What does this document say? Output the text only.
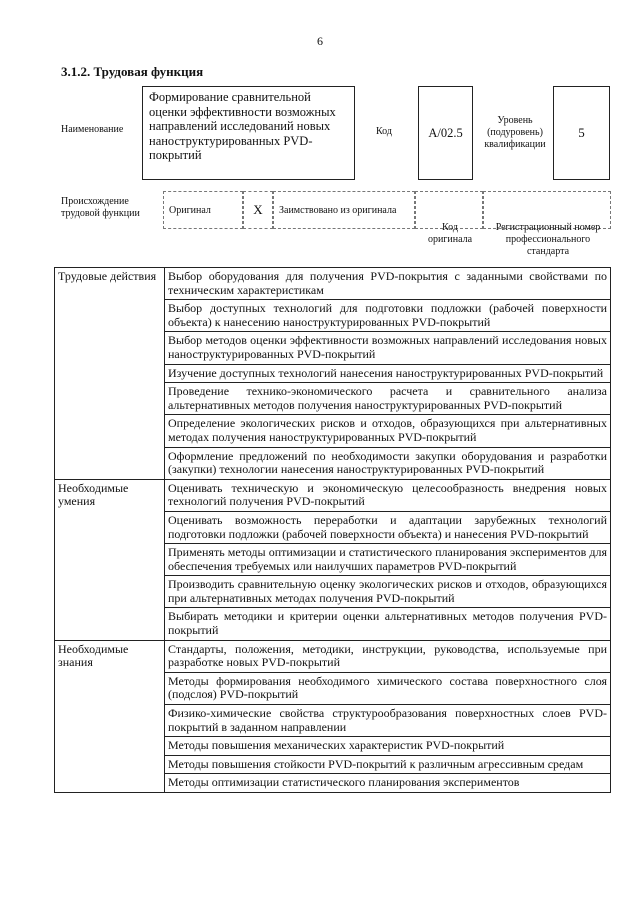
6
3.1.2. Трудовая функция
Наименование
Формирование сравнительной оценки эффективности возможных направлений исследований новых наноструктурированных PVD-покрытий
Код	А/02.5
Уровень (подуровень) квалификации
5
Происхождение трудовой функции	Оригинал	X Заимствовано из оригинала
Код оригинала
Регистрационный номер профессионального стандарта
Трудовые действия	Выбор оборудования для получения PVD-покрытия с заданными свойствами по техническим характеристикам
	Выбор доступных технологий для подготовки подложки (рабочей поверхности объекта) к нанесению наноструктурированных PVD-покрытий
	Выбор методов оценки эффективности возможных направлений исследования новых наноструктурированных PVD-покрытий
	Изучение доступных технологий нанесения наноструктурированных PVD-покрытий
	Проведение технико-экономического расчета и сравнительного анализа альтернативных методов получения наноструктурированных PVD-покрытий
	Определение экологических рисков и отходов, образующихся при альтернативных методах получения наноструктурированных PVD-покрытий
	Оформление предложений по необходимости закупки оборудования и разработки (закупки) технологии нанесения наноструктурированных PVD-покрытий
Необходимые умения	Оценивать техническую и экономическую целесообразность внедрения новых технологий получения PVD-покрытий
	Оценивать возможность переработки и адаптации зарубежных технологий подготовки подложки (рабочей поверхности объекта) и нанесения PVD-покрытий
	Применять методы оптимизации и статистического планирования экспериментов для обеспечения требуемых или наилучших параметров PVD-покрытий
	Производить сравнительную оценку экологических рисков и отходов, образующихся при альтернативных методах получения PVD-покрытий
	Выбирать методики и критерии оценки альтернативных методов получения PVD-покрытий
Необходимые знания	Стандарты, положения, методики, инструкции, руководства, используемые при разработке новых PVD-покрытий
	Методы формирования необходимого химического состава поверхностного слоя (подслоя) PVD-покрытий
	Физико-химические свойства структурообразования поверхностных слоев PVD-покрытий в заданном направлении
	Методы повышения механических характеристик PVD-покрытий
	Методы повышения стойкости PVD-покрытий к различным агрессивным средам
	Методы оптимизации статистического планирования экспериментов
